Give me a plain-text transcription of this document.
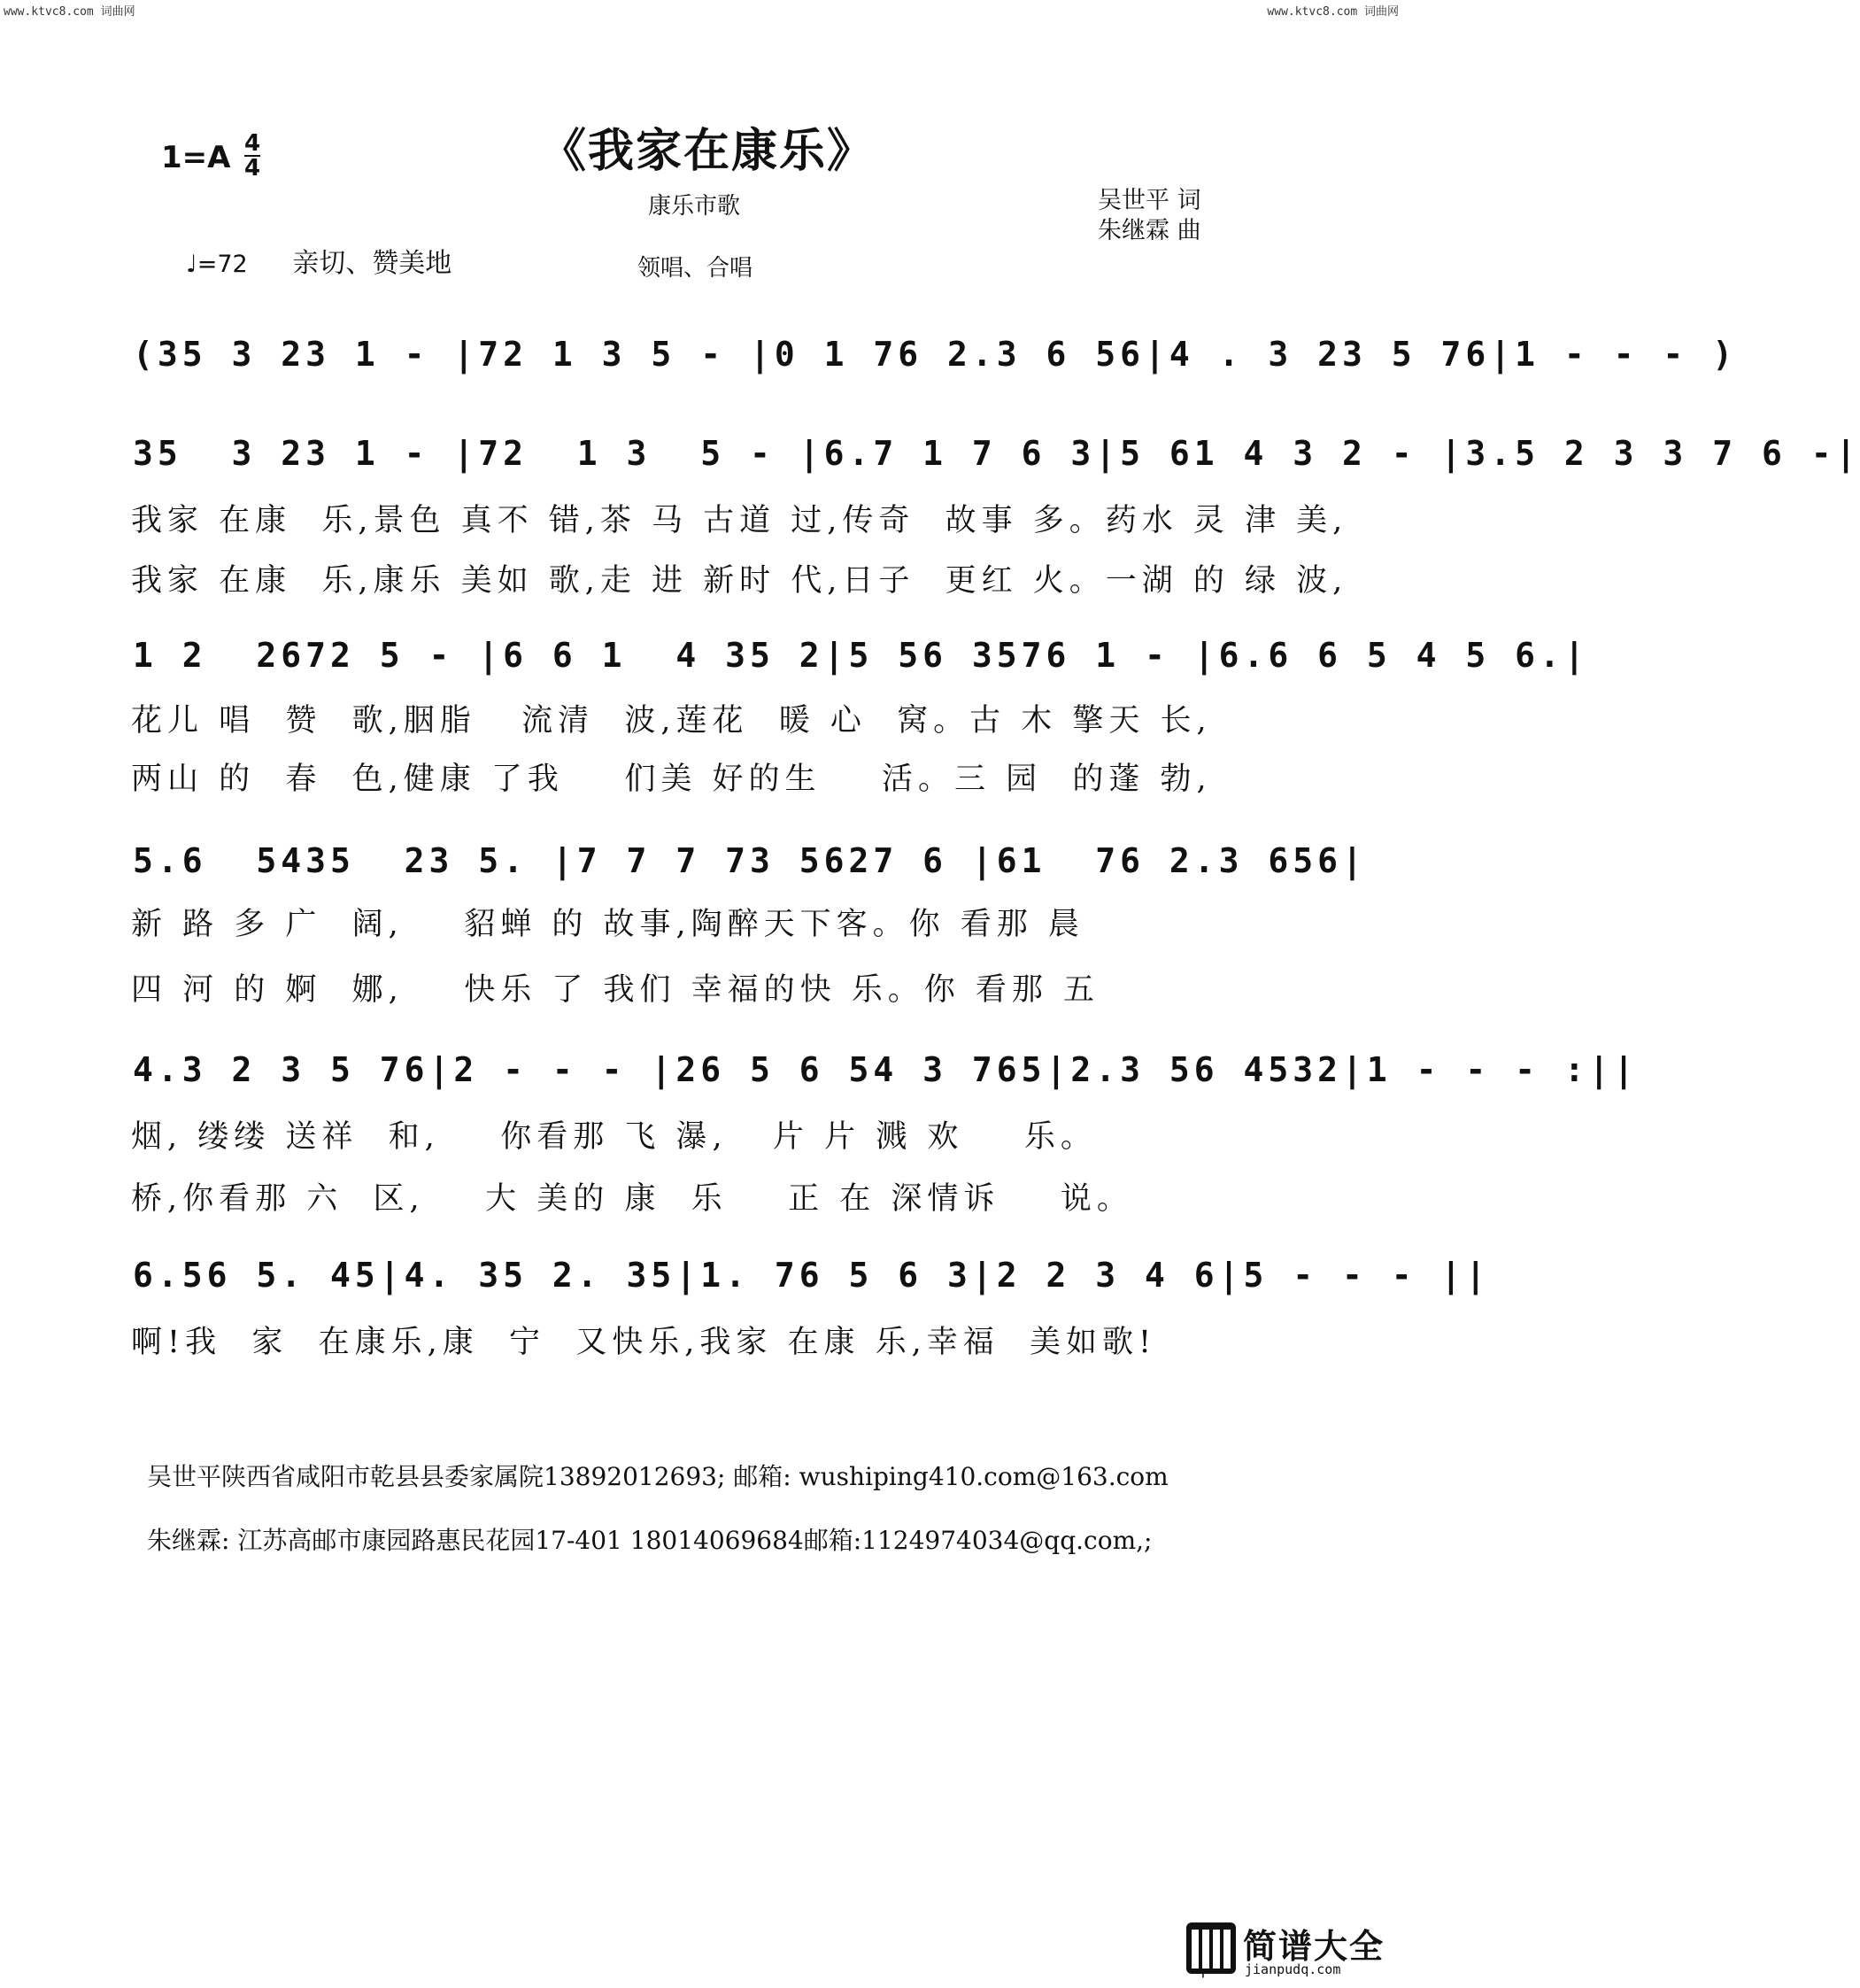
www.ktvc8.com 词曲网	www.ktvc8.com 词曲网
1=A 4
4	《我家在康乐》
康乐市歌	吴世平 词
朱继霖 曲
♩=72 亲切、赞美地	领唱、合唱
(35 3 23 1 - |72 1 3 5 - |0 1 76 2.3 6 56|4 . 3 23 5 76|1 - - - )
35  3 23 1 - |72  1 3  5 - |6.7 1 7 6 3|5 61 4 3 2 - |3.5 2 3 3 7 6 -|
我家 在康  乐,景色 真不 错,茶 马 古道 过,传奇  故事 多。药水 灵 津 美,
我家 在康  乐,康乐 美如 歌,走 进 新时 代,日子  更红 火。一湖 的 绿 波,
1 2  2672 5 - |6 6 1  4 35 2|5 56 3576 1 - |6.6 6 5 4 5 6.|
花儿 唱  赞  歌,胭脂   流清  波,莲花  暖 心  窝。古 木 擎天 长,
两山 的  春  色,健康 了我    们美 好的生    活。三 园  的蓬 勃,
5.6  5435  23 5. |7 7 7 73 5627 6 |61  76 2.3 656|
新 路 多 广  阔,    貂蝉 的 故事,陶醉天下客。你 看那 晨
四 河 的 婀  娜,    快乐 了 我们 幸福的快 乐。你 看那 五
4.3 2 3 5 76|2 - - - |26 5 6 54 3 765|2.3 56 4532|1 - - - :||
烟, 缕缕 送祥  和,    你看那 飞 瀑,   片 片 溅 欢    乐。
桥,你看那 六  区,    大 美的 康  乐    正 在 深情诉    说。
6.56 5. 45|4. 35 2. 35|1. 76 5 6 3|2 2 3 4 6|5 - - - ||
啊!我  家  在康乐,康  宁  又快乐,我家 在康 乐,幸福  美如歌!
吴世平陕西省咸阳市乾县县委家属院13892012693; 邮箱: wushiping410.com@163.com
朱继霖: 江苏高邮市康园路惠民花园17-401 18014069684邮箱:1124974034@qq.com,;
简谱大全
jianpudq.com
